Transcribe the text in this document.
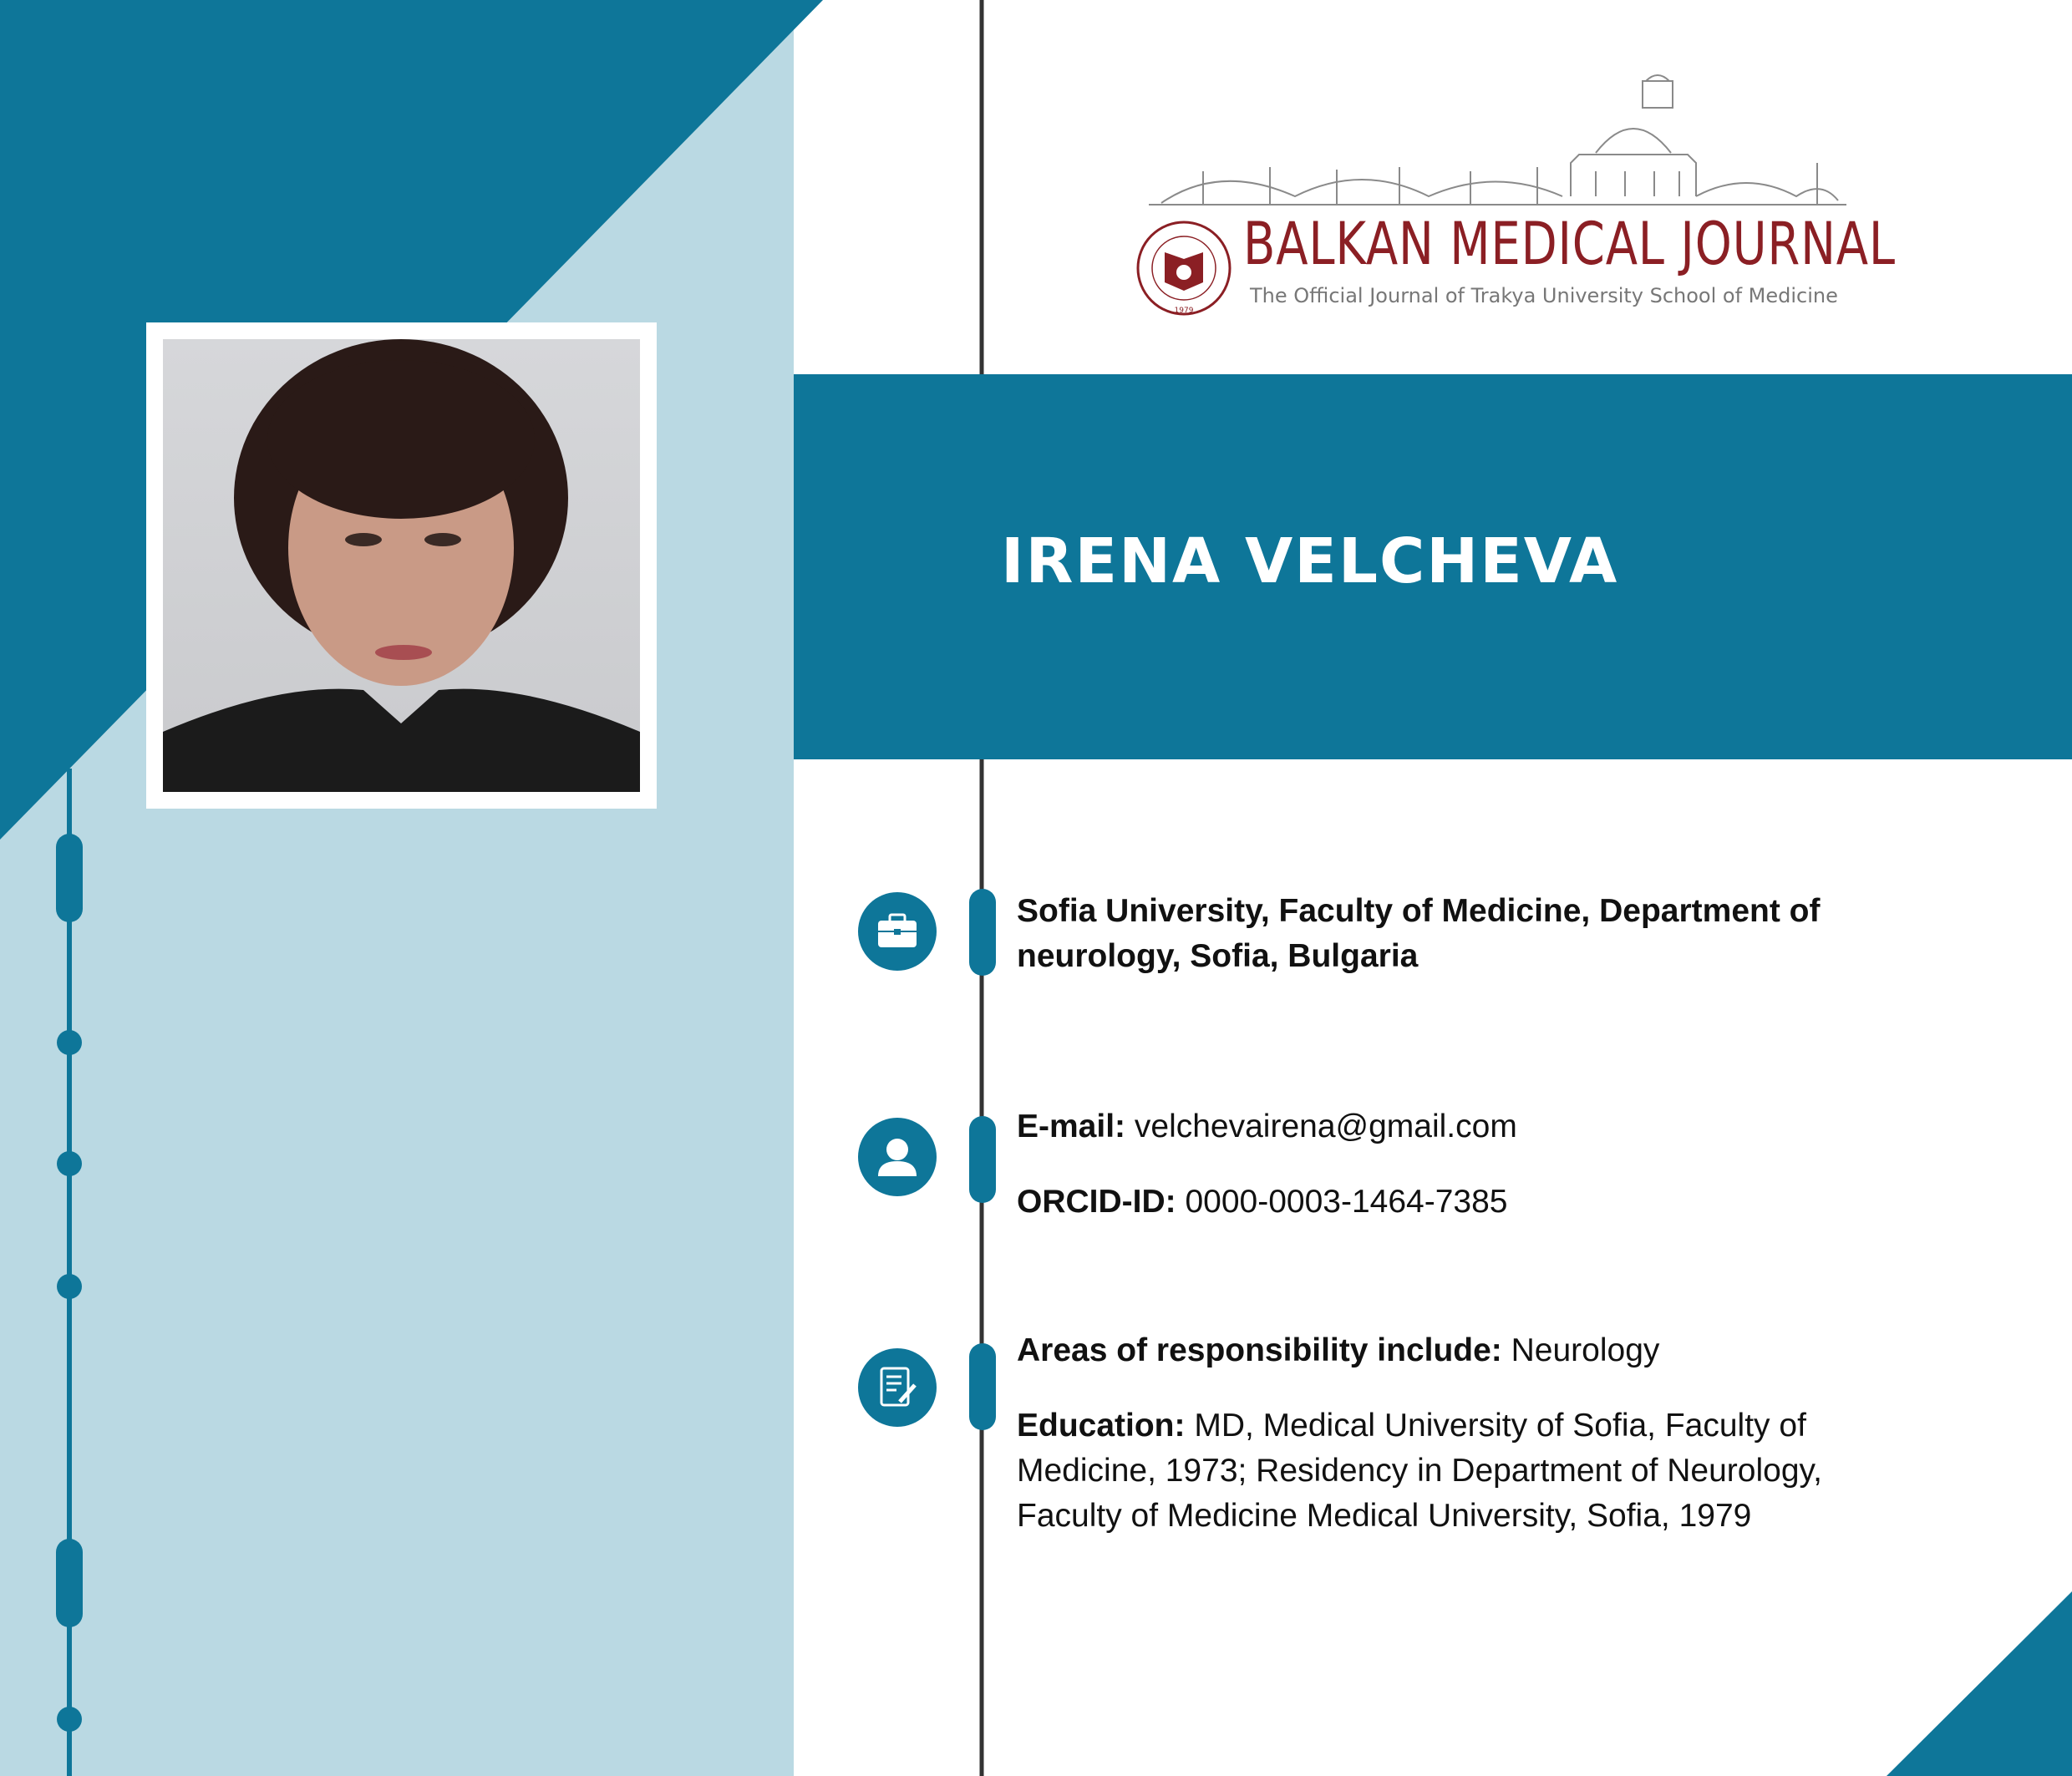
1979
BALKAN MEDICAL JOURNAL
The Official Journal of Trakya University School of Medicine
IRENA VELCHEVA
Sofia University, Faculty of Medicine, Department of neurology, Sofia, Bulgaria
E-mail: velchevairena@gmail.com
ORCID-ID: 0000-0003-1464-7385
Areas of responsibility include: Neurology
Education: MD, Medical University of Sofia, Faculty of Medicine, 1973; Residency in Department of Neurology, Faculty of Medicine Medical University, Sofia, 1979
